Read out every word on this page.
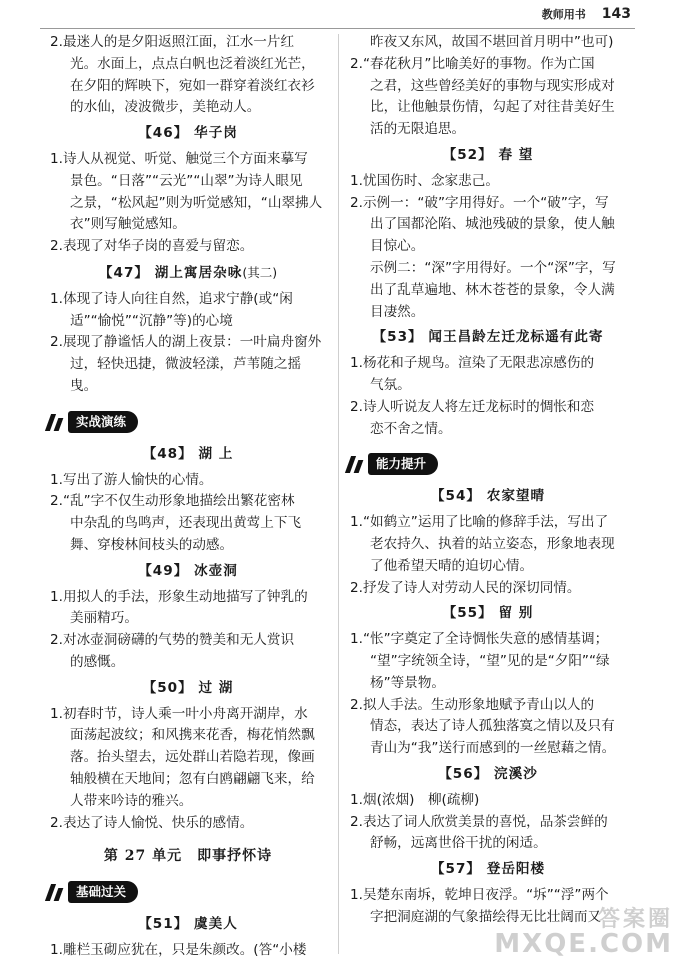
教师用书 143
2.最迷人的是夕阳返照江面，江水一片红
光。水面上，点点白帆也泛着淡红光芒，
在夕阳的辉映下，宛如一群穿着淡红衣衫
的水仙，凌波微步，美艳动人。
【46】 华子岗
1.诗人从视觉、听觉、触觉三个方面来摹写
景色。“日落”“云光”“山翠”为诗人眼见
之景，“松风起”则为听觉感知，“山翠拂人
衣”则写触觉感知。
2.表现了对华子岗的喜爱与留恋。
【47】 湖上寓居杂咏(其二)
1.体现了诗人向往自然，追求宁静(或“闲
适”“愉悦”“沉静”等)的心境
2.展现了静谧恬人的湖上夜景：一叶扁舟窗外
过，轻快迅捷，微波轻漾，芦苇随之摇曳。
实战演练
【48】 湖 上
1.写出了游人愉快的心情。
2.“乱”字不仅生动形象地描绘出繁花密林
中杂乱的鸟鸣声，还表现出黄莺上下飞
舞、穿梭林间枝头的动感。
【49】 冰壶洞
1.用拟人的手法，形象生动地描写了钟乳的
美丽精巧。
2.对冰壶洞磅礴的气势的赞美和无人赏识
的感慨。
【50】 过 湖
1.初春时节，诗人乘一叶小舟离开湖岸，水
面荡起波纹；和风携来花香，梅花悄然飘
落。抬头望去，远处群山若隐若现，像画
轴般横在天地间；忽有白鸥翩翩飞来，给
人带来吟诗的雅兴。
2.表达了诗人愉悦、快乐的感情。
第 27 单元　即事抒怀诗
基础过关
【51】 虞美人
1.雕栏玉砌应犹在，只是朱颜改。(答“小楼
昨夜又东风，故国不堪回首月明中”也可)
2.“春花秋月”比喻美好的事物。作为亡国
之君，这些曾经美好的事物与现实形成对
比，让他触景伤情，勾起了对往昔美好生
活的无限追思。
【52】 春 望
1.忧国伤时、念家悲己。
2.示例一：“破”字用得好。一个“破”字，写
出了国都沦陷、城池残破的景象，使人触
目惊心。
示例二：“深”字用得好。一个“深”字，写
出了乱草遍地、林木苍苍的景象，令人满
目凄然。
【53】 闻王昌龄左迁龙标遥有此寄
1.杨花和子规鸟。渲染了无限悲凉感伤的
气氛。
2.诗人听说友人将左迁龙标时的惆怅和恋
恋不舍之情。
能力提升
【54】 农家望晴
1.“如鹤立”运用了比喻的修辞手法，写出了
老农持久、执着的站立姿态，形象地表现
了他希望天晴的迫切心情。
2.抒发了诗人对劳动人民的深切同情。
【55】 留 别
1.“怅”字奠定了全诗惆怅失意的感情基调；
“望”字统领全诗，“望”见的是“夕阳”“绿
杨”等景物。
2.拟人手法。生动形象地赋予青山以人的
情态，表达了诗人孤独落寞之情以及只有
青山为“我”送行而感到的一丝慰藉之情。
【56】 浣溪沙
1.烟(浓烟)　柳(疏柳)
2.表达了词人欣赏美景的喜悦，品茶尝鲜的
舒畅，远离世俗干扰的闲适。
【57】 登岳阳楼
1.吴楚东南坼，乾坤日夜浮。“坼”“浮”两个
字把洞庭湖的气象描绘得无比壮阔而又
答案圈
MXQE.COM
